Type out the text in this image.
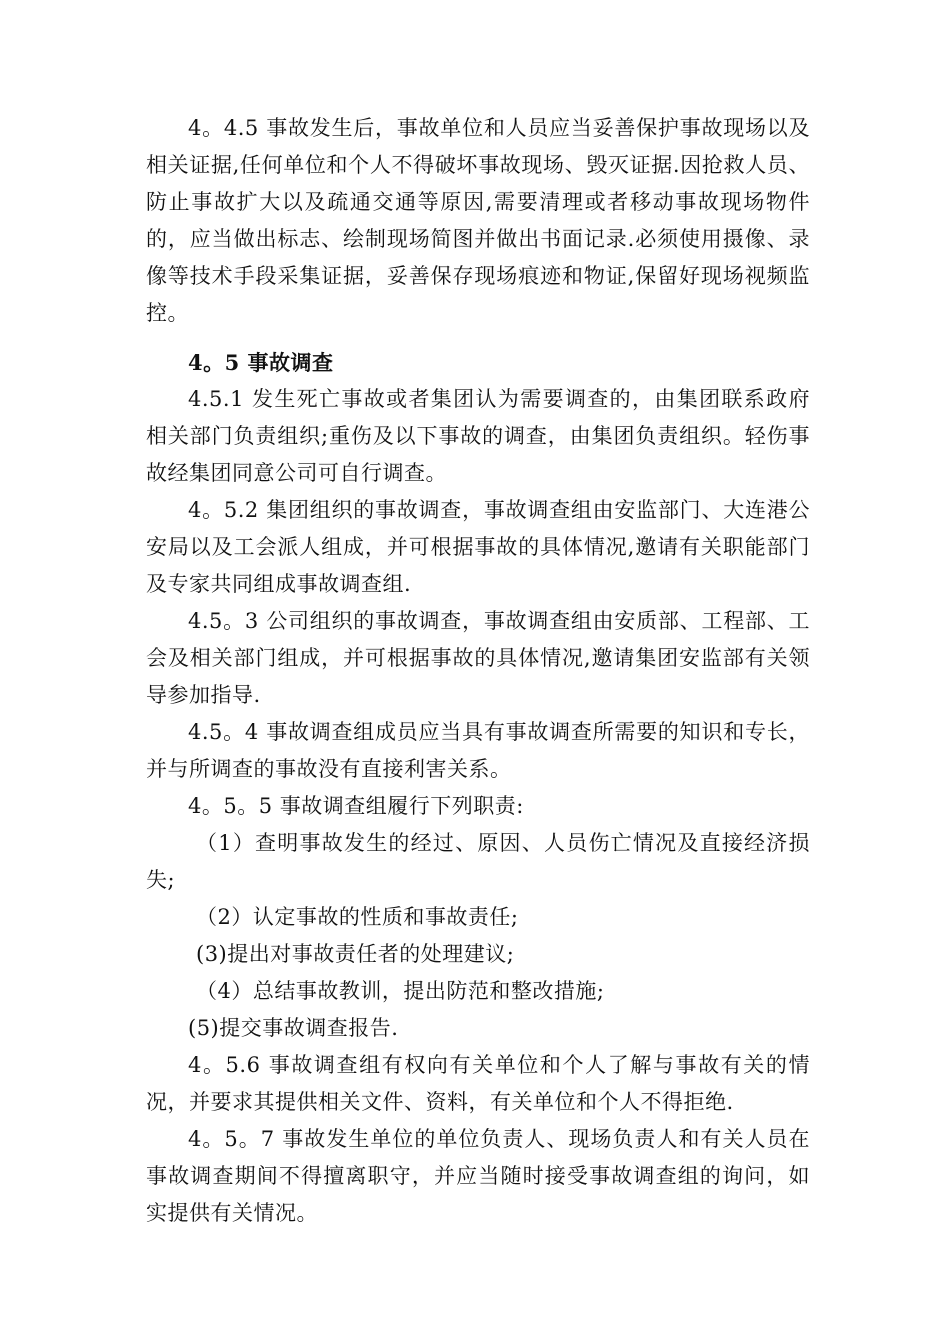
4。4.5 事故发生后，事故单位和人员应当妥善保护事故现场以及相关证据,任何单位和个人不得破坏事故现场、毁灭证据.因抢救人员、防止事故扩大以及疏通交通等原因,需要清理或者移动事故现场物件的，应当做出标志、绘制现场简图并做出书面记录.必须使用摄像、录像等技术手段采集证据，妥善保存现场痕迹和物证,保留好现场视频监控。

4。5 事故调查

4.5.1 发生死亡事故或者集团认为需要调查的，由集团联系政府相关部门负责组织;重伤及以下事故的调查，由集团负责组织。轻伤事故经集团同意公司可自行调查。

4。5.2 集团组织的事故调查，事故调查组由安监部门、大连港公安局以及工会派人组成，并可根据事故的具体情况,邀请有关职能部门及专家共同组成事故调查组.

4.5。3 公司组织的事故调查，事故调查组由安质部、工程部、工会及相关部门组成，并可根据事故的具体情况,邀请集团安监部有关领导参加指导.

4.5。4 事故调查组成员应当具有事故调查所需要的知识和专长，并与所调查的事故没有直接利害关系。

4。5。5 事故调查组履行下列职责:

（1）查明事故发生的经过、原因、人员伤亡情况及直接经济损失;

（2）认定事故的性质和事故责任;

(3)提出对事故责任者的处理建议;

（4）总结事故教训，提出防范和整改措施;

(5)提交事故调查报告.

4。5.6 事故调查组有权向有关单位和个人了解与事故有关的情况，并要求其提供相关文件、资料，有关单位和个人不得拒绝.

4。5。7 事故发生单位的单位负责人、现场负责人和有关人员在事故调查期间不得擅离职守，并应当随时接受事故调查组的询问，如实提供有关情况。
